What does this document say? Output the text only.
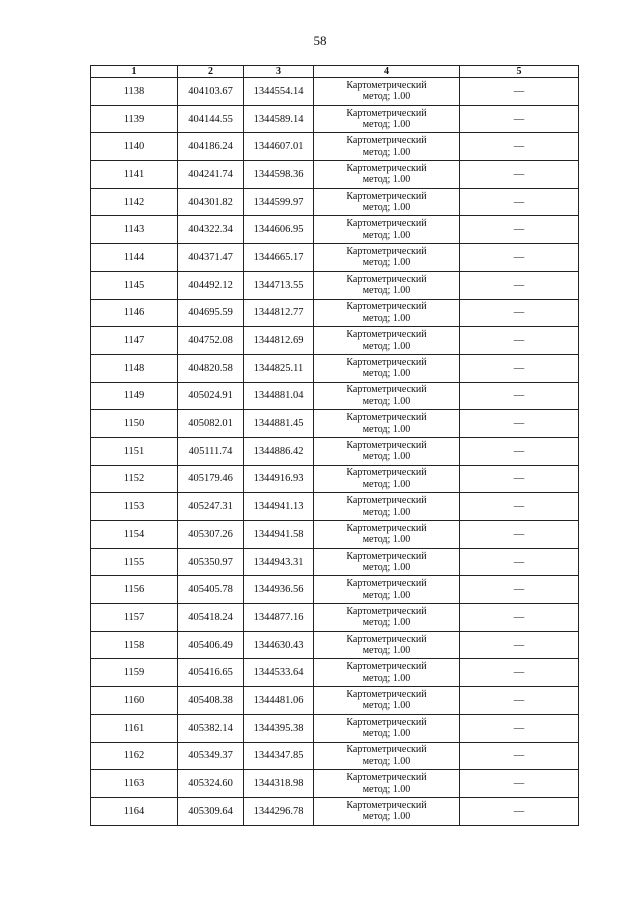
58
1	2	3	4	5
1138	404103.67	1344554.14	Картометрический
метод; 1.00	—
1139	404144.55	1344589.14	Картометрический
метод; 1.00	—
1140	404186.24	1344607.01	Картометрический
метод; 1.00	—
1141	404241.74	1344598.36	Картометрический
метод; 1.00	—
1142	404301.82	1344599.97	Картометрический
метод; 1.00	—
1143	404322.34	1344606.95	Картометрический
метод; 1.00	—
1144	404371.47	1344665.17	Картометрический
метод; 1.00	—
1145	404492.12	1344713.55	Картометрический
метод; 1.00	—
1146	404695.59	1344812.77	Картометрический
метод; 1.00	—
1147	404752.08	1344812.69	Картометрический
метод; 1.00	—
1148	404820.58	1344825.11	Картометрический
метод; 1.00	—
1149	405024.91	1344881.04	Картометрический
метод; 1.00	—
1150	405082.01	1344881.45	Картометрический
метод; 1.00	—
1151	405111.74	1344886.42	Картометрический
метод; 1.00	—
1152	405179.46	1344916.93	Картометрический
метод; 1.00	—
1153	405247.31	1344941.13	Картометрический
метод; 1.00	—
1154	405307.26	1344941.58	Картометрический
метод; 1.00	—
1155	405350.97	1344943.31	Картометрический
метод; 1.00	—
1156	405405.78	1344936.56	Картометрический
метод; 1.00	—
1157	405418.24	1344877.16	Картометрический
метод; 1.00	—
1158	405406.49	1344630.43	Картометрический
метод; 1.00	—
1159	405416.65	1344533.64	Картометрический
метод; 1.00	—
1160	405408.38	1344481.06	Картометрический
метод; 1.00	—
1161	405382.14	1344395.38	Картометрический
метод; 1.00	—
1162	405349.37	1344347.85	Картометрический
метод; 1.00	—
1163	405324.60	1344318.98	Картометрический
метод; 1.00	—
1164	405309.64	1344296.78	Картометрический
метод; 1.00	—
